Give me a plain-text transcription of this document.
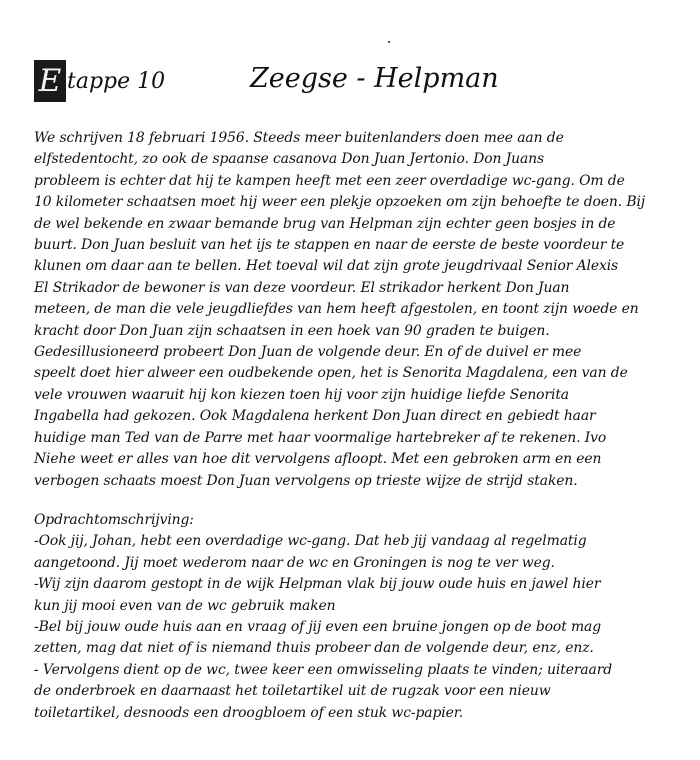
E tappe 10	Zeegse - Helpman
We schrijven 18 februari 1956. Steeds meer buitenlanders doen mee aan de
elfstedentocht, zo ook de spaanse casanova Don Juan Jertonio. Don Juans
probleem is echter dat hij te kampen heeft met een zeer overdadige wc-gang. Om de
10 kilometer schaatsen moet hij weer een plekje opzoeken om zijn behoefte te doen. Bij
de wel bekende en zwaar bemande brug van Helpman zijn echter geen bosjes in de
buurt. Don Juan besluit van het ijs te stappen en naar de eerste de beste voordeur te
klunen om daar aan te bellen. Het toeval wil dat zijn grote jeugdrivaal Senior Alexis
El Strikador de bewoner is van deze voordeur. El strikador herkent Don Juan
meteen, de man die vele jeugdliefdes van hem heeft afgestolen, en toont zijn woede en
kracht door Don Juan zijn schaatsen in een hoek van 90 graden te buigen.
Gedesillusioneerd probeert Don Juan de volgende deur. En of de duivel er mee
speelt doet hier alweer een oudbekende open, het is Senorita Magdalena, een van de
vele vrouwen waaruit hij kon kiezen toen hij voor zijn huidige liefde Senorita
Ingabella had gekozen. Ook Magdalena herkent Don Juan direct en gebiedt haar
huidige man Ted van de Parre met haar voormalige hartebreker af te rekenen. Ivo
Niehe weet er alles van hoe dit vervolgens afloopt. Met een gebroken arm en een
verbogen schaats moest Don Juan vervolgens op trieste wijze de strijd staken.
Opdrachtomschrijving:
-Ook jij, Johan, hebt een overdadige wc-gang. Dat heb jij vandaag al regelmatig
aangetoond. Jij moet wederom naar de wc en Groningen is nog te ver weg.
-Wij zijn daarom gestopt in de wijk Helpman vlak bij jouw oude huis en jawel hier
kun jij mooi even van de wc gebruik maken
-Bel bij jouw oude huis aan en vraag of jij even een bruine jongen op de boot mag
zetten, mag dat niet of is niemand thuis probeer dan de volgende deur, enz, enz.
- Vervolgens dient op de wc, twee keer een omwisseling plaats te vinden; uiteraard
de onderbroek en daarnaast het toiletartikel uit de rugzak voor een nieuw
toiletartikel, desnoods een droogbloem of een stuk wc-papier.
